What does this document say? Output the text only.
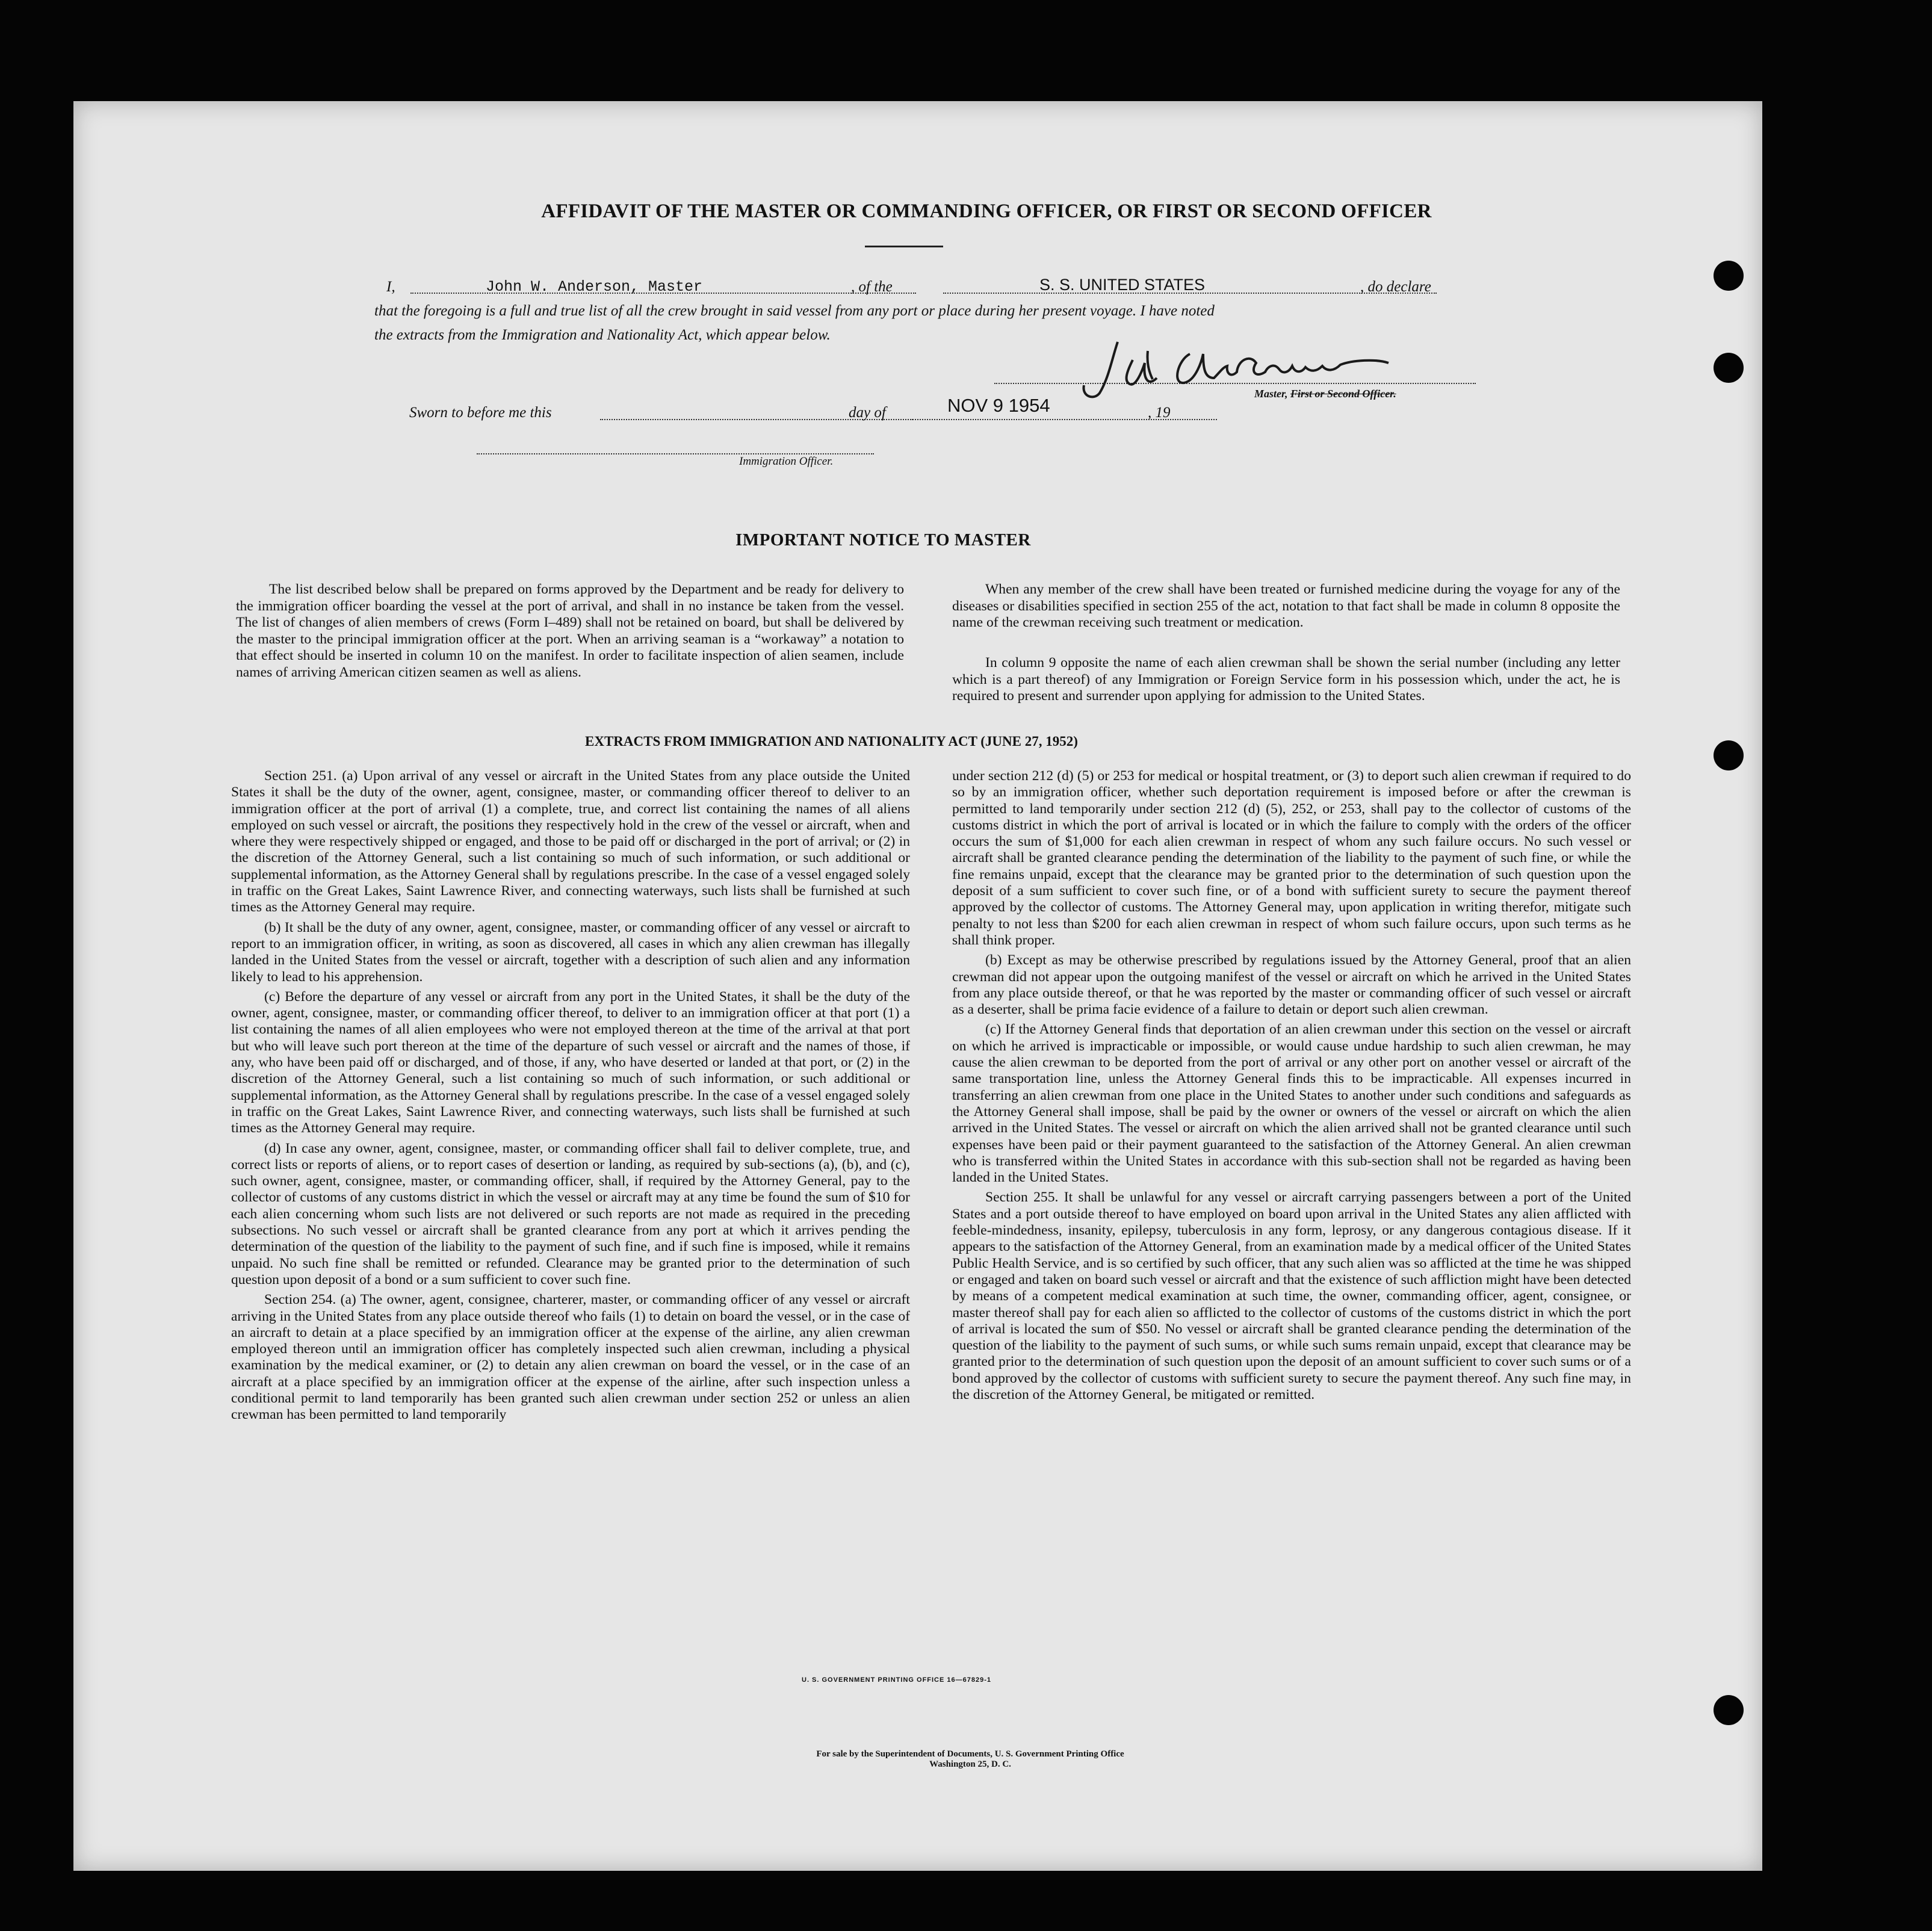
AFFIDAVIT OF THE MASTER OR COMMANDING OFFICER, OR FIRST OR SECOND OFFICER
I,	John W. Anderson, Master	, of the	S. S. UNITED STATES	, do declare
that the foregoing is a full and true list of all the crew brought in said vessel from any port or place during her present voyage. I have noted
the extracts from the Immigration and Nationality Act, which appear below.
Master, First or Second Officer.
Sworn to before me this	day of	NOV 9 1954	, 19
Immigration Officer.
IMPORTANT NOTICE TO MASTER

The list described below shall be prepared on forms approved by the Department and be ready for delivery to the immigration officer boarding the vessel at the port of arrival, and shall in no instance be taken from the vessel. The list of changes of alien members of crews (Form I–489) shall not be retained on board, but shall be delivered by the master to the principal immigration officer at the port. When an arriving seaman is a “workaway” a notation to that effect should be inserted in column 10 on the manifest. In order to facilitate inspection of alien seamen, include names of arriving American citizen seamen as well as aliens.

When any member of the crew shall have been treated or furnished medicine during the voyage for any of the diseases or disabilities specified in section 255 of the act, notation to that fact shall be made in column 8 opposite the name of the crewman receiving such treatment or medication.

In column 9 opposite the name of each alien crewman shall be shown the serial number (including any letter which is a part thereof) of any Immigration or Foreign Service form in his possession which, under the act, he is required to present and surrender upon applying for admission to the United States.

EXTRACTS FROM IMMIGRATION AND NATIONALITY ACT (JUNE 27, 1952)

Section 251. (a) Upon arrival of any vessel or aircraft in the United States from any place outside the United States it shall be the duty of the owner, agent, consignee, master, or commanding officer thereof to deliver to an immigration officer at the port of arrival (1) a complete, true, and correct list containing the names of all aliens employed on such vessel or aircraft, the positions they respectively hold in the crew of the vessel or aircraft, when and where they were respectively shipped or engaged, and those to be paid off or discharged in the port of arrival; or (2) in the discretion of the Attorney General, such a list containing so much of such information, or such additional or supplemental information, as the Attorney General shall by regulations prescribe. In the case of a vessel engaged solely in traffic on the Great Lakes, Saint Lawrence River, and connecting waterways, such lists shall be furnished at such times as the Attorney General may require.

(b) It shall be the duty of any owner, agent, consignee, master, or commanding officer of any vessel or aircraft to report to an immigration officer, in writing, as soon as discovered, all cases in which any alien crewman has illegally landed in the United States from the vessel or aircraft, together with a description of such alien and any information likely to lead to his apprehension.

(c) Before the departure of any vessel or aircraft from any port in the United States, it shall be the duty of the owner, agent, consignee, master, or commanding officer thereof, to deliver to an immigration officer at that port (1) a list containing the names of all alien employees who were not employed thereon at the time of the arrival at that port but who will leave such port thereon at the time of the departure of such vessel or aircraft and the names of those, if any, who have been paid off or discharged, and of those, if any, who have deserted or landed at that port, or (2) in the discretion of the Attorney General, such a list containing so much of such information, or such additional or supplemental information, as the Attorney General shall by regulations prescribe. In the case of a vessel engaged solely in traffic on the Great Lakes, Saint Lawrence River, and connecting waterways, such lists shall be furnished at such times as the Attorney General may require.

(d) In case any owner, agent, consignee, master, or commanding officer shall fail to deliver complete, true, and correct lists or reports of aliens, or to report cases of desertion or landing, as required by sub-sections (a), (b), and (c), such owner, agent, consignee, master, or commanding officer, shall, if required by the Attorney General, pay to the collector of customs of any customs district in which the vessel or aircraft may at any time be found the sum of $10 for each alien concerning whom such lists are not delivered or such reports are not made as required in the preceding subsections. No such vessel or aircraft shall be granted clearance from any port at which it arrives pending the determination of the question of the liability to the payment of such fine, and if such fine is imposed, while it remains unpaid. No such fine shall be remitted or refunded. Clearance may be granted prior to the determination of such question upon deposit of a bond or a sum sufficient to cover such fine.

Section 254. (a) The owner, agent, consignee, charterer, master, or commanding officer of any vessel or aircraft arriving in the United States from any place outside thereof who fails (1) to detain on board the vessel, or in the case of an aircraft to detain at a place specified by an immigration officer at the expense of the airline, any alien crewman employed thereon until an immigration officer has completely inspected such alien crewman, including a physical examination by the medical examiner, or (2) to detain any alien crewman on board the vessel, or in the case of an aircraft at a place specified by an immigration officer at the expense of the airline, after such inspection unless a conditional permit to land temporarily has been granted such alien crewman under section 252 or unless an alien crewman has been permitted to land temporarily

under section 212 (d) (5) or 253 for medical or hospital treatment, or (3) to deport such alien crewman if required to do so by an immigration officer, whether such deportation requirement is imposed before or after the crewman is permitted to land temporarily under section 212 (d) (5), 252, or 253, shall pay to the collector of customs of the customs district in which the port of arrival is located or in which the failure to comply with the orders of the officer occurs the sum of $1,000 for each alien crewman in respect of whom any such failure occurs. No such vessel or aircraft shall be granted clearance pending the determination of the liability to the payment of such fine, or while the fine remains unpaid, except that the clearance may be granted prior to the determination of such question upon the deposit of a sum sufficient to cover such fine, or of a bond with sufficient surety to secure the payment thereof approved by the collector of customs. The Attorney General may, upon application in writing therefor, mitigate such penalty to not less than $200 for each alien crewman in respect of whom such failure occurs, upon such terms as he shall think proper.

(b) Except as may be otherwise prescribed by regulations issued by the Attorney General, proof that an alien crewman did not appear upon the outgoing manifest of the vessel or aircraft on which he arrived in the United States from any place outside thereof, or that he was reported by the master or commanding officer of such vessel or aircraft as a deserter, shall be prima facie evidence of a failure to detain or deport such alien crewman.

(c) If the Attorney General finds that deportation of an alien crewman under this section on the vessel or aircraft on which he arrived is impracticable or impossible, or would cause undue hardship to such alien crewman, he may cause the alien crewman to be deported from the port of arrival or any other port on another vessel or aircraft of the same transportation line, unless the Attorney General finds this to be impracticable. All expenses incurred in transferring an alien crewman from one place in the United States to another under such conditions and safeguards as the Attorney General shall impose, shall be paid by the owner or owners of the vessel or aircraft on which the alien arrived in the United States. The vessel or aircraft on which the alien arrived shall not be granted clearance until such expenses have been paid or their payment guaranteed to the satisfaction of the Attorney General. An alien crewman who is transferred within the United States in accordance with this sub-section shall not be regarded as having been landed in the United States.

Section 255. It shall be unlawful for any vessel or aircraft carrying passengers between a port of the United States and a port outside thereof to have employed on board upon arrival in the United States any alien afflicted with feeble-mindedness, insanity, epilepsy, tuberculosis in any form, leprosy, or any dangerous contagious disease. If it appears to the satisfaction of the Attorney General, from an examination made by a medical officer of the United States Public Health Service, and is so certified by such officer, that any such alien was so afflicted at the time he was shipped or engaged and taken on board such vessel or aircraft and that the existence of such affliction might have been detected by means of a competent medical examination at such time, the owner, commanding officer, agent, consignee, or master thereof shall pay for each alien so afflicted to the collector of customs of the customs district in which the port of arrival is located the sum of $50. No vessel or aircraft shall be granted clearance pending the determination of the question of the liability to the payment of such sums, or while such sums remain unpaid, except that clearance may be granted prior to the determination of such question upon the deposit of an amount sufficient to cover such sums or of a bond approved by the collector of customs with sufficient surety to secure the payment thereof. Any such fine may, in the discretion of the Attorney General, be mitigated or remitted.

U. S. GOVERNMENT PRINTING OFFICE 16—67829-1
For sale by the Superintendent of Documents, U. S. Government Printing Office
Washington 25, D. C.
